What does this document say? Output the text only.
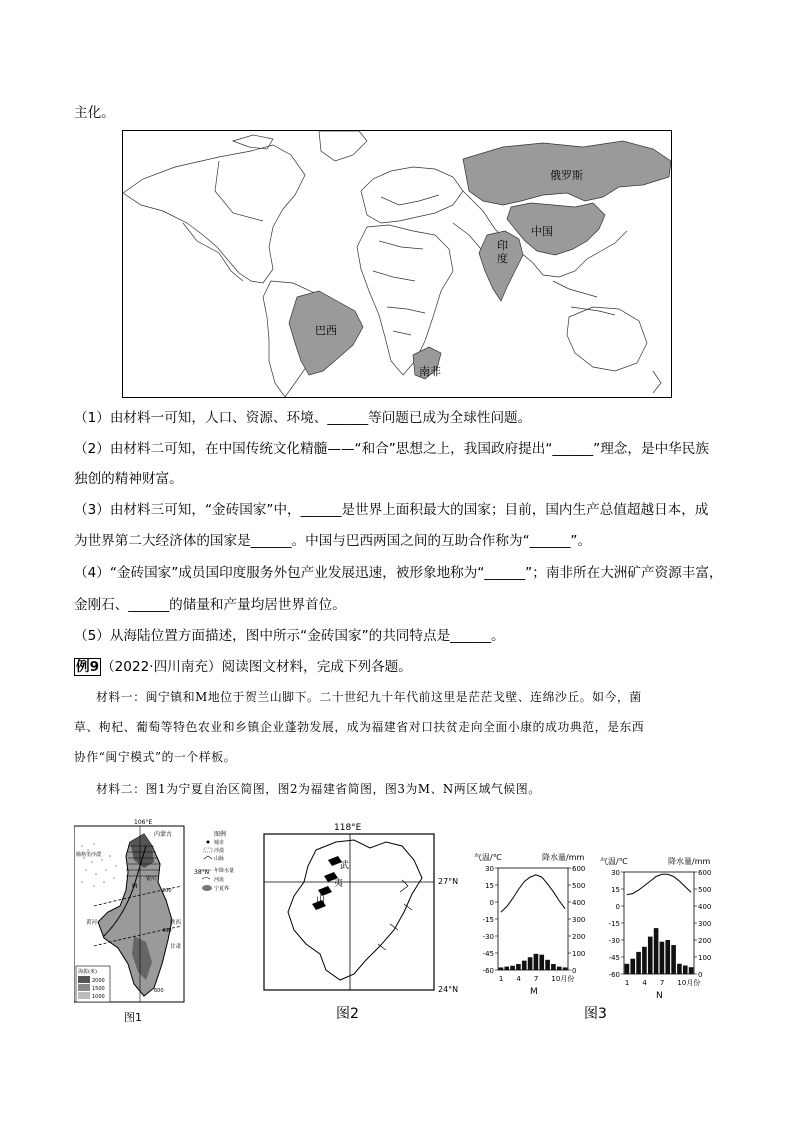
主化。
俄罗斯
中国
印
度
巴西
南非
（1）由材料一可知，人口、资源、环境、______等问题已成为全球性问题。
（2）由材料二可知，在中国传统文化精髓——“和合”思想之上，我国政府提出“______”理念，是中华民族
独创的精神财富。
（3）由材料三可知，“金砖国家”中，______是世界上面积最大的国家；目前，国内生产总值超越日本，成
为世界第二大经济体的国家是______。中国与巴西两国之间的互助合作称为“______”。
（4）“金砖国家”成员国印度服务外包产业发展迅速，被形象地称为“______”；南非所在大洲矿产资源丰富，
金刚石、______的储量和产量均居世界首位。
（5）从海陆位置方面描述，图中所示“金砖国家”的共同特点是______。
例9 （2022·四川南充）阅读图文材料，完成下列各题。
材料一：闽宁镇和M地位于贺兰山脚下。二十世纪九十年代前这里是茫茫戈壁、连绵沙丘。如今，菌
草、枸杞、葡萄等特色农业和乡镇企业蓬勃发展，成为福建省对口扶贫走向全面小康的成功典范，是东西
协作“闽宁模式”的一个样板。
材料二：图1为宁夏自治区简图，图2为福建省简图，图3为M、N两区域气候图。
106°E
38°N
内蒙古
腾格里沙漠
银川
陕西
甘肃
黄河
M
200
400
600
图例
城市
沙漠
山脉
年降水量
河流
宁夏界
海拔(米)
2000
1500
1000
图1
118°E
27°N
24°N
武
夷
山
图2
气温/℃	降水量/mm
30
15
0
-15
-30
-45
-60
600
500
400
300
200
100
0
1 4 7 10月份
M
气温/℃	降水量/mm
30
15
0
-15
-30
-45
-60
600
500
400
300
200
100
0
1 4 7 10月份
N
图3
